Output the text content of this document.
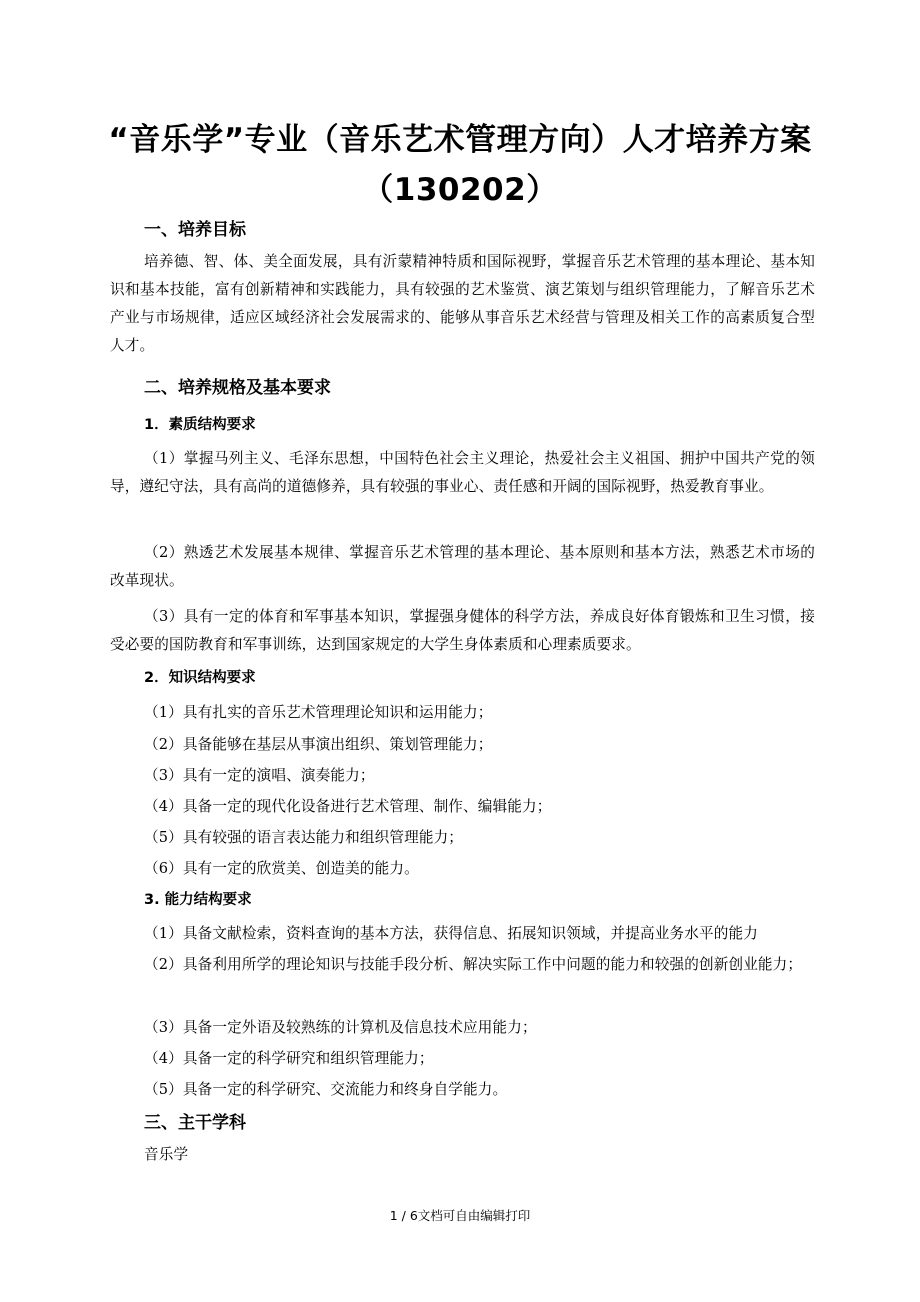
“音乐学”专业（音乐艺术管理方向）人才培养方案
（130202）
一、培养目标

培养德、智、体、美全面发展，具有沂蒙精神特质和国际视野，掌握音乐艺术管理的基本理论、基本知识和基本技能，富有创新精神和实践能力，具有较强的艺术鉴赏、演艺策划与组织管理能力，了解音乐艺术产业与市场规律，适应区域经济社会发展需求的、能够从事音乐艺术经营与管理及相关工作的高素质复合型人才。

二、培养规格及基本要求
1．素质结构要求

（1）掌握马列主义、毛泽东思想，中国特色社会主义理论，热爱社会主义祖国、拥护中国共产党的领导，遵纪守法，具有高尚的道德修养，具有较强的事业心、责任感和开阔的国际视野，热爱教育事业。

（2）熟透艺术发展基本规律、掌握音乐艺术管理的基本理论、基本原则和基本方法，熟悉艺术市场的改革现状。

（3）具有一定的体育和军事基本知识，掌握强身健体的科学方法，养成良好体育锻炼和卫生习惯，接受必要的国防教育和军事训练，达到国家规定的大学生身体素质和心理素质要求。

2．知识结构要求

（1）具有扎实的音乐艺术管理理论知识和运用能力；

（2）具备能够在基层从事演出组织、策划管理能力；

（3）具有一定的演唱、演奏能力；

（4）具备一定的现代化设备进行艺术管理、制作、编辑能力；

（5）具有较强的语言表达能力和组织管理能力；

（6）具有一定的欣赏美、创造美的能力。

3. 能力结构要求

（1）具备文献检索，资料查询的基本方法，获得信息、拓展知识领域，并提高业务水平的能力

（2）具备利用所学的理论知识与技能手段分析、解决实际工作中问题的能力和较强的创新创业能力；

（3）具备一定外语及较熟练的计算机及信息技术应用能力；

（4）具备一定的科学研究和组织管理能力；

（5）具备一定的科学研究、交流能力和终身自学能力。

三、主干学科

音乐学

1 / 6文档可自由编辑打印
